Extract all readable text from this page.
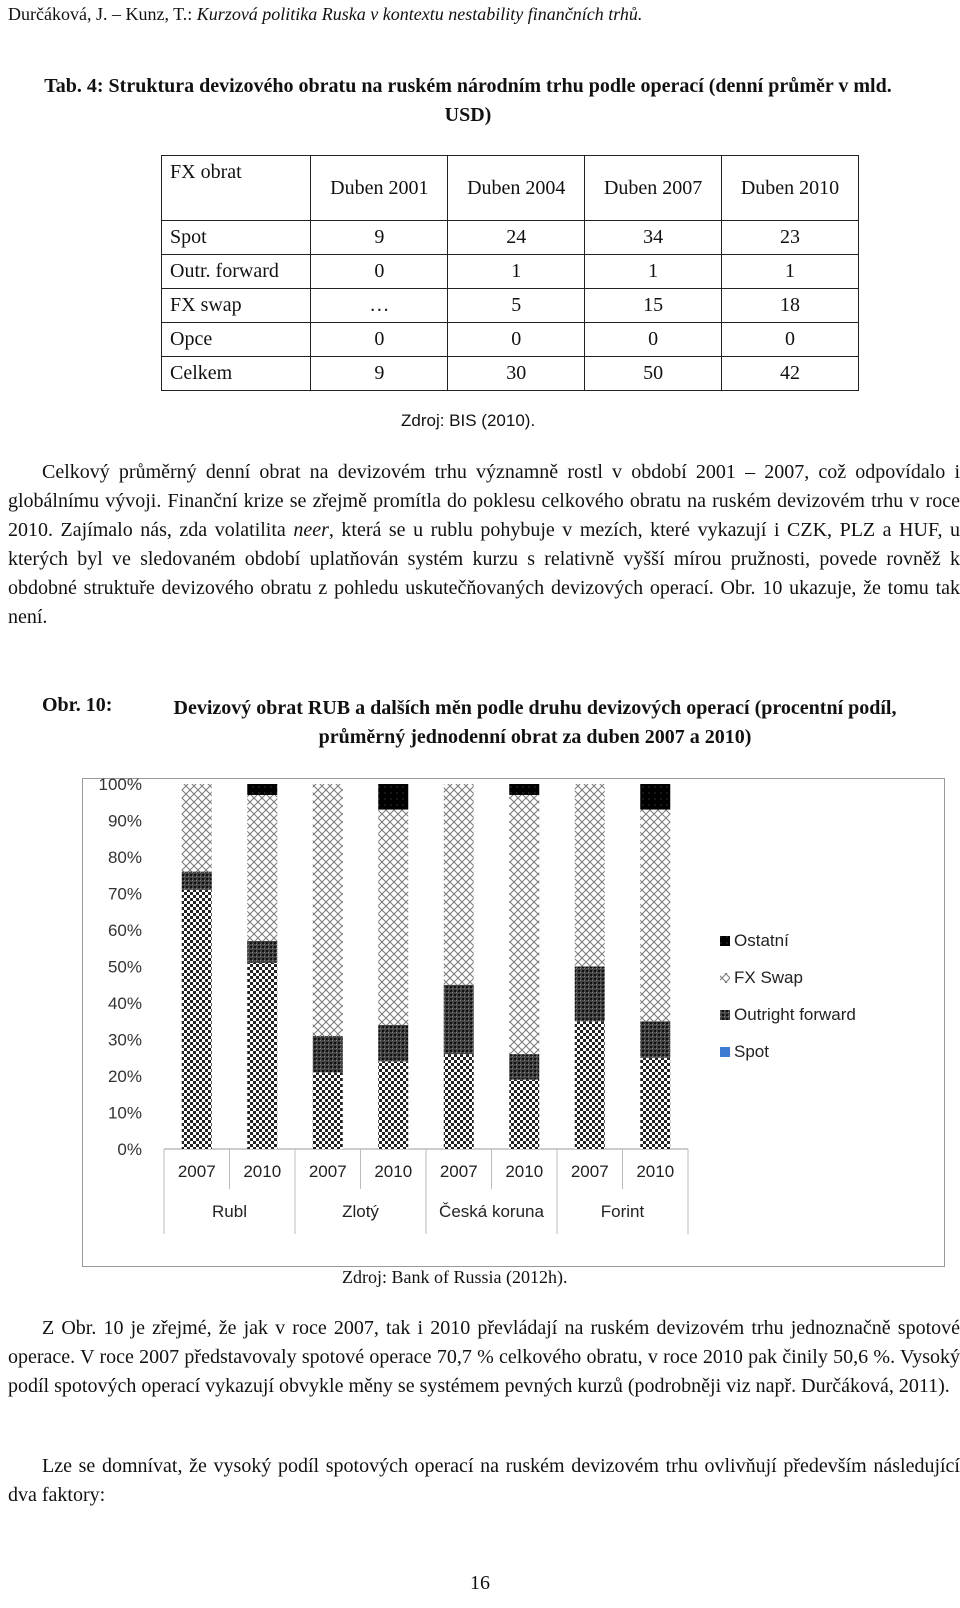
Durčáková, J. – Kunz, T.: Kurzová politika Ruska v kontextu nestability finančních trhů.
Tab. 4: Struktura devizového obratu na ruském národním trhu podle operací (denní průměr v mld. USD)
FX obrat	Duben 2001	Duben 2004	Duben 2007	Duben 2010
Spot	9	24	34	23
Outr. forward	0	1	1	1
FX swap	…	5	15	18
Opce	0	0	0	0
Celkem	9	30	50	42
Zdroj: BIS (2010).
Celkový průměrný denní obrat na devizovém trhu významně rostl v období 2001 – 2007, což odpovídalo i globálnímu vývoji. Finanční krize se zřejmě promítla do poklesu celkového obratu na ruském devizovém trhu v roce 2010. Zajímalo nás, zda volatilita neer, která se u rublu pohybuje v mezích, které vykazují i CZK, PLZ a HUF, u kterých byl ve sledovaném období uplatňován systém kurzu s relativně vyšší mírou pružnosti, povede rovněž k obdobné struktuře devizového obratu z pohledu uskutečňovaných devizových operací. Obr. 10 ukazuje, že tomu tak není.
Obr. 10:	Devizový obrat RUB a dalších měn podle druhu devizových operací (procentní podíl, průměrný jednodenní obrat za duben 2007 a 2010)
0%
10%
20%
30%
40%
50%
60%
70%
80%
90%
100%
2007 2010 2007 2010 2007 2010 2007 2010
Rubl	Zlotý	Česká koruna	Forint
Ostatní
FX Swap
Outright forward
Spot
Zdroj: Bank of Russia (2012h).
Z Obr. 10 je zřejmé, že jak v roce 2007, tak i 2010 převládají na ruském devizovém trhu jednoznačně spotové operace. V roce 2007 představovaly spotové operace 70,7 % celkového obratu, v roce 2010 pak činily 50,6 %. Vysoký podíl spotových operací vykazují obvykle měny se systémem pevných kurzů (podrobněji viz např. Durčáková, 2011).
Lze se domnívat, že vysoký podíl spotových operací na ruském devizovém trhu ovlivňují především následující dva faktory:
16
